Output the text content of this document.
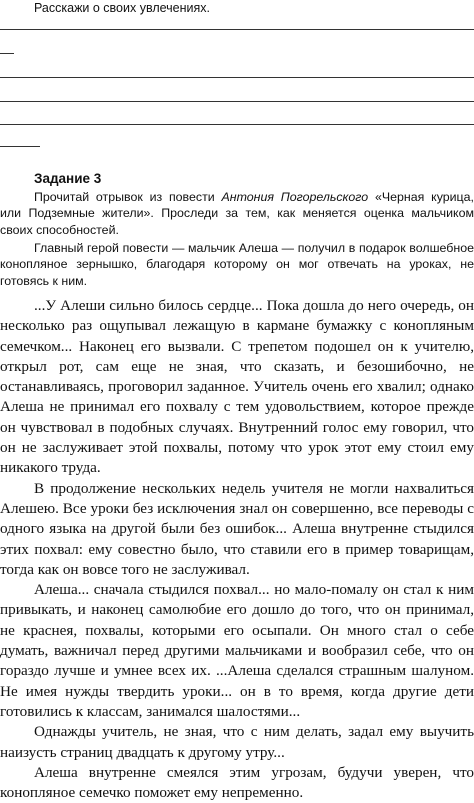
Расскажи о своих увлечениях.
Задание 3

Прочитай отрывок из повести Антония Погорельского «Черная курица, или Подземные жители». Проследи за тем, как меняется оценка мальчиком своих способностей.

Главный герой повести — мальчик Алеша — получил в подарок волшебное конопляное зернышко, благодаря которому он мог отвечать на уроках, не готовясь к ним.

...У Алеши сильно билось сердце... Пока дошла до него очередь, он несколько раз ощупывал лежащую в кармане бумажку с конопляным семечком... Наконец его вызвали. С трепетом подошел он к учителю, открыл рот, сам еще не зная, что сказать, и безошибочно, не останавливаясь, проговорил заданное. Учитель очень его хвалил; однако Алеша не принимал его похвалу с тем удовольствием, которое прежде он чувствовал в подобных случаях. Внутренний голос ему говорил, что он не заслуживает этой похвалы, потому что урок этот ему стоил ему никакого труда.

В продолжение нескольких недель учителя не могли нахвалиться Алешею. Все уроки без исключения знал он совершенно, все переводы с одного языка на другой были без ошибок... Алеша внутренне стыдился этих похвал: ему совестно было, что ставили его в пример товарищам, тогда как он вовсе того не заслуживал.

Алеша... сначала стыдился похвал... но мало-помалу он стал к ним привыкать, и наконец самолюбие его дошло до того, что он принимал, не краснея, похвалы, которыми его осыпали. Он много стал о себе думать, важничал перед другими мальчиками и вообразил себе, что он гораздо лучше и умнее всех их. ...Алеша сделался страшным шалуном. Не имея нужды твердить уроки... он в то время, когда другие дети готовились к классам, занимался шалостями...

Однажды учитель, не зная, что с ним делать, задал ему выучить наизусть страниц двадцать к другому утру...

Алеша внутренне смеялся этим угрозам, будучи уверен, что конопляное семечко поможет ему непременно.
